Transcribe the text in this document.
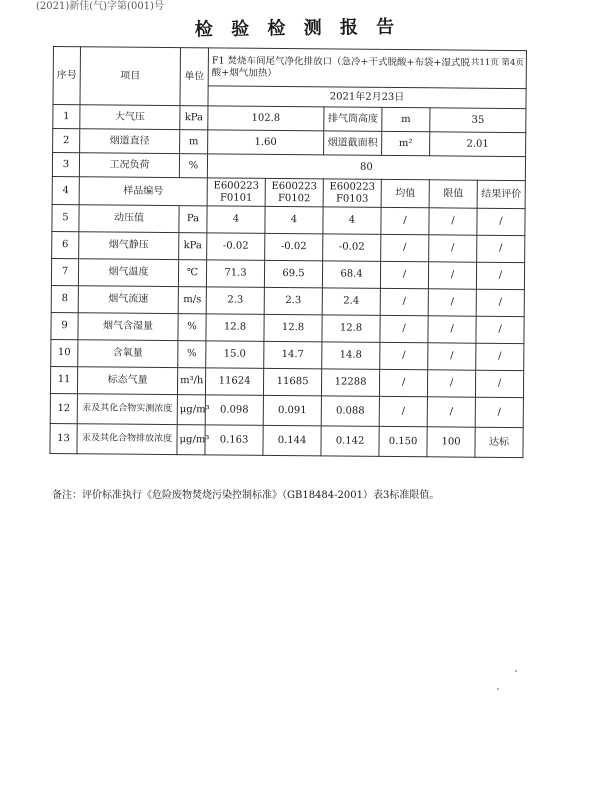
(2021)新佳(气)字第(001)号
检 验 检 测 报 告
序号	项目	单位	共11页 第4页
F1 焚烧车间尾气净化排放口（急冷+干式脱酸+布袋+湿式脱酸+烟气加热）					
			2021年2月23日					
1	大气压	kPa	102.8		排气筒高度	m	35	
2	烟道直径	m	1.60		烟道截面积	m²	2.01	
3	工况负荷	%	80					
4	样品编号		E600223 F0101	E600223 F0102	E600223 F0103	均值	限值	结果评价
5	动压值	Pa	4	4	4	/	/	/
6	烟气静压	kPa	-0.02	-0.02	-0.02	/	/	/
7	烟气温度	℃	71.3	69.5	68.4	/	/	/
8	烟气流速	m/s	2.3	2.3	2.4	/	/	/
9	烟气含湿量	%	12.8	12.8	12.8	/	/	/
10	含氧量	%	15.0	14.7	14.8	/	/	/
11	标态气量	m³/h	11624	11685	12288	/	/	/
12	汞及其化合物实测浓度	μg/m³	0.098	0.091	0.088	/	/	/
13	汞及其化合物排放浓度	μg/m³	0.163	0.144	0.142	0.150	100	达标
备注：评价标准执行《危险废物焚烧污染控制标准》（GB18484-2001）表3标准限值。
